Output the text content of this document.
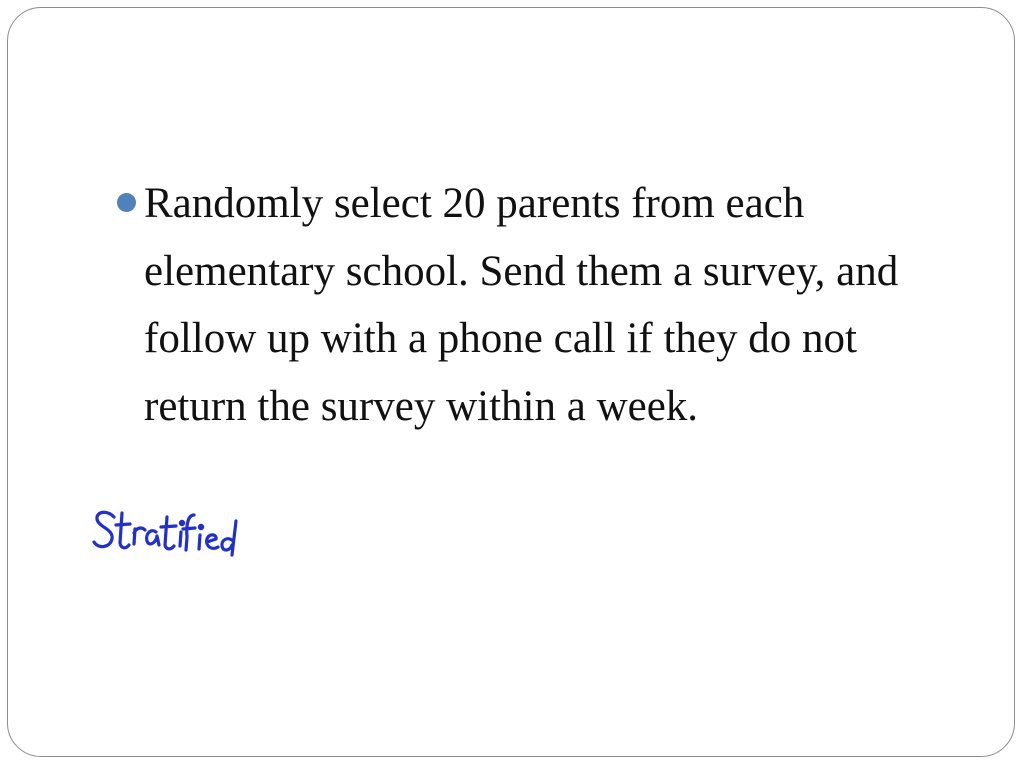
Randomly select 20 parents from each elementary school. Send them a survey, and follow up with a phone call if they do not return the survey within a week.
